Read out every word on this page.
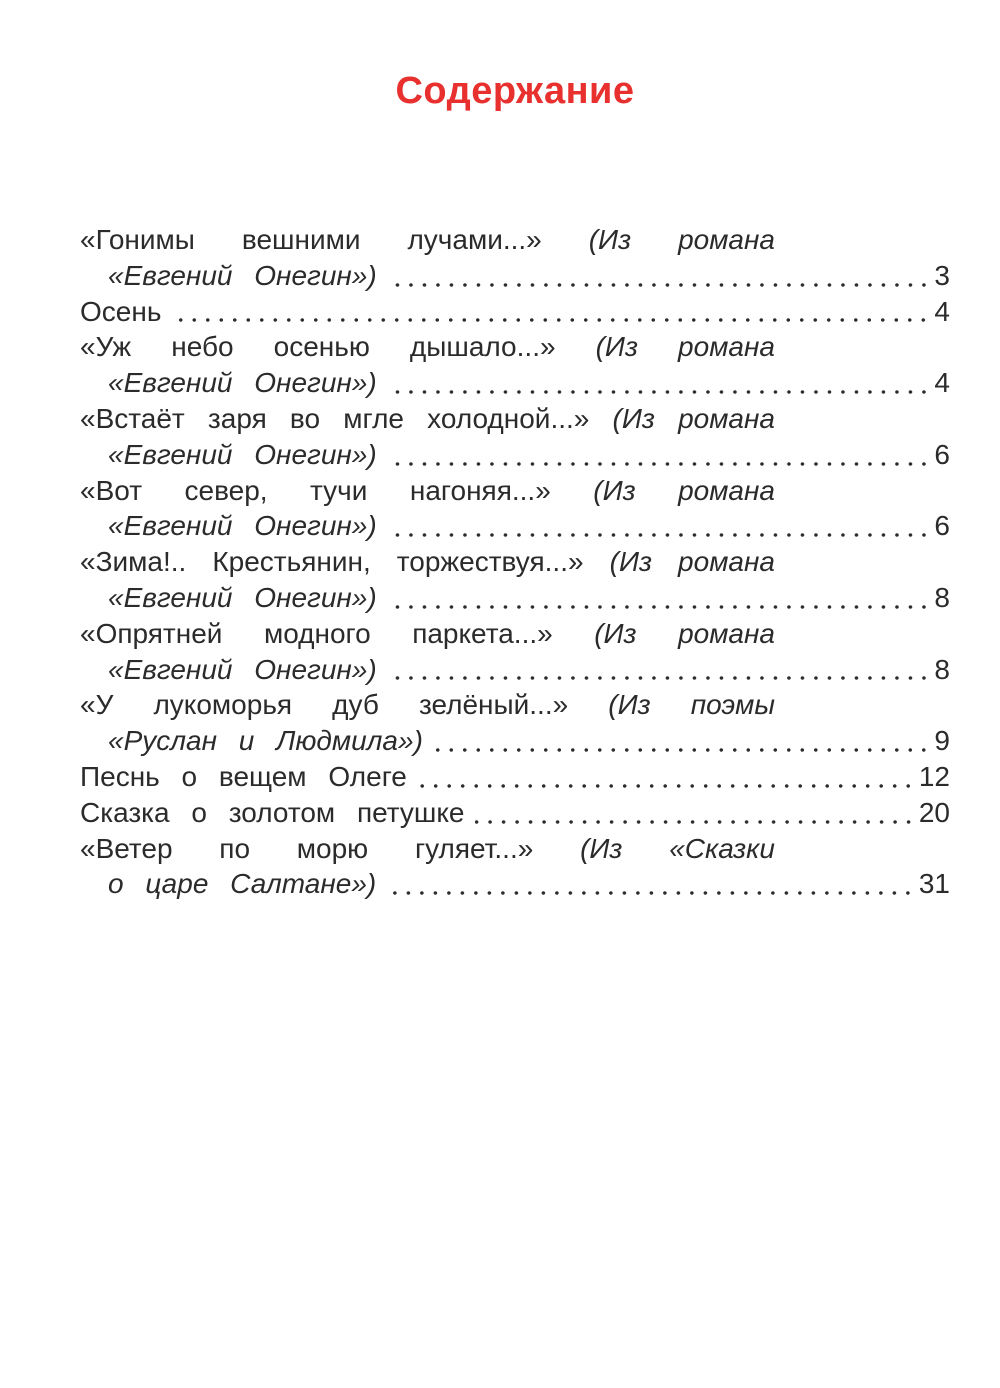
Содержание
«Гонимы вешними лучами...» (Из романа
«Евгений Онегин»)	3
Осень	4
«Уж небо осенью дышало...» (Из романа
«Евгений Онегин»)	4
«Встаёт заря во мгле холодной...» (Из романа
«Евгений Онегин»)	6
«Вот север, тучи нагоняя...» (Из романа
«Евгений Онегин»)	6
«Зима!.. Крестьянин, торжествуя...» (Из романа
«Евгений Онегин»)	8
«Опрятней модного паркета...» (Из романа
«Евгений Онегин»)	8
«У лукоморья дуб зелёный...» (Из поэмы
«Руслан и Людмила»)	9
Песнь о вещем Олеге	12
Сказка о золотом петушке	20
«Ветер по морю гуляет...» (Из «Сказки
о царе Салтане»)	31
